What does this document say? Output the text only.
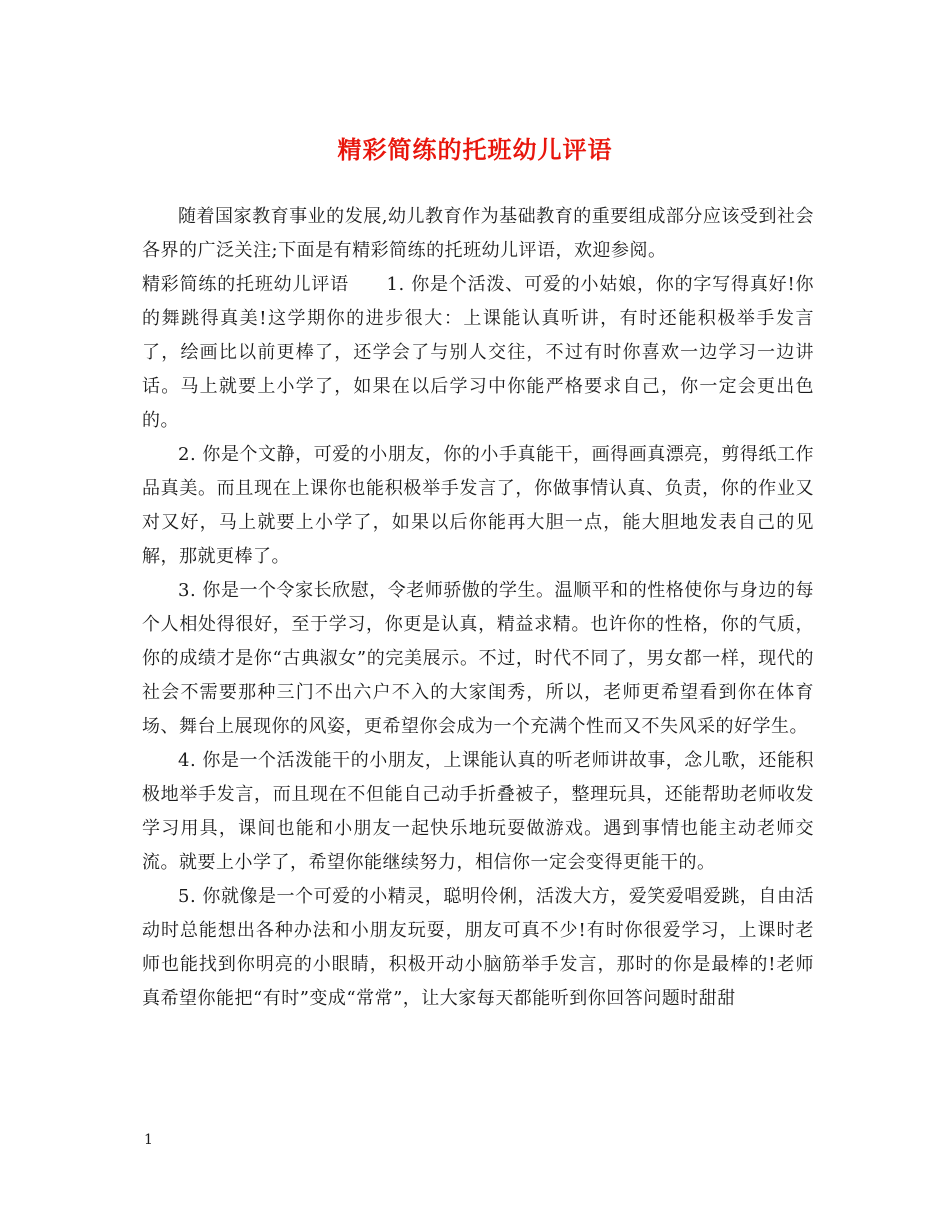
精彩简练的托班幼儿评语

随着国家教育事业的发展,幼儿教育作为基础教育的重要组成部分应该受到社会各界的广泛关注;下面是有精彩简练的托班幼儿评语，欢迎参阅。

精彩简练的托班幼儿评语　　1. 你是个活泼、可爱的小姑娘，你的字写得真好!你的舞跳得真美!这学期你的进步很大：上课能认真听讲，有时还能积极举手发言了，绘画比以前更棒了，还学会了与别人交往，不过有时你喜欢一边学习一边讲话。马上就要上小学了，如果在以后学习中你能严格要求自己，你一定会更出色的。

2. 你是个文静，可爱的小朋友，你的小手真能干，画得画真漂亮，剪得纸工作品真美。而且现在上课你也能积极举手发言了，你做事情认真、负责，你的作业又对又好，马上就要上小学了，如果以后你能再大胆一点，能大胆地发表自己的见解，那就更棒了。

3. 你是一个令家长欣慰，令老师骄傲的学生。温顺平和的性格使你与身边的每个人相处得很好，至于学习，你更是认真，精益求精。也许你的性格，你的气质，你的成绩才是你“古典淑女”的完美展示。不过，时代不同了，男女都一样，现代的社会不需要那种三门不出六户不入的大家闺秀，所以，老师更希望看到你在体育场、舞台上展现你的风姿，更希望你会成为一个充满个性而又不失风采的好学生。

4. 你是一个活泼能干的小朋友，上课能认真的听老师讲故事，念儿歌，还能积极地举手发言，而且现在不但能自己动手折叠被子，整理玩具，还能帮助老师收发学习用具，课间也能和小朋友一起快乐地玩耍做游戏。遇到事情也能主动老师交流。就要上小学了，希望你能继续努力，相信你一定会变得更能干的。

5. 你就像是一个可爱的小精灵，聪明伶俐，活泼大方，爱笑爱唱爱跳，自由活动时总能想出各种办法和小朋友玩耍，朋友可真不少!有时你很爱学习，上课时老师也能找到你明亮的小眼睛，积极开动小脑筋举手发言，那时的你是最棒的!老师真希望你能把“有时”变成“常常”，让大家每天都能听到你回答问题时甜甜

1
